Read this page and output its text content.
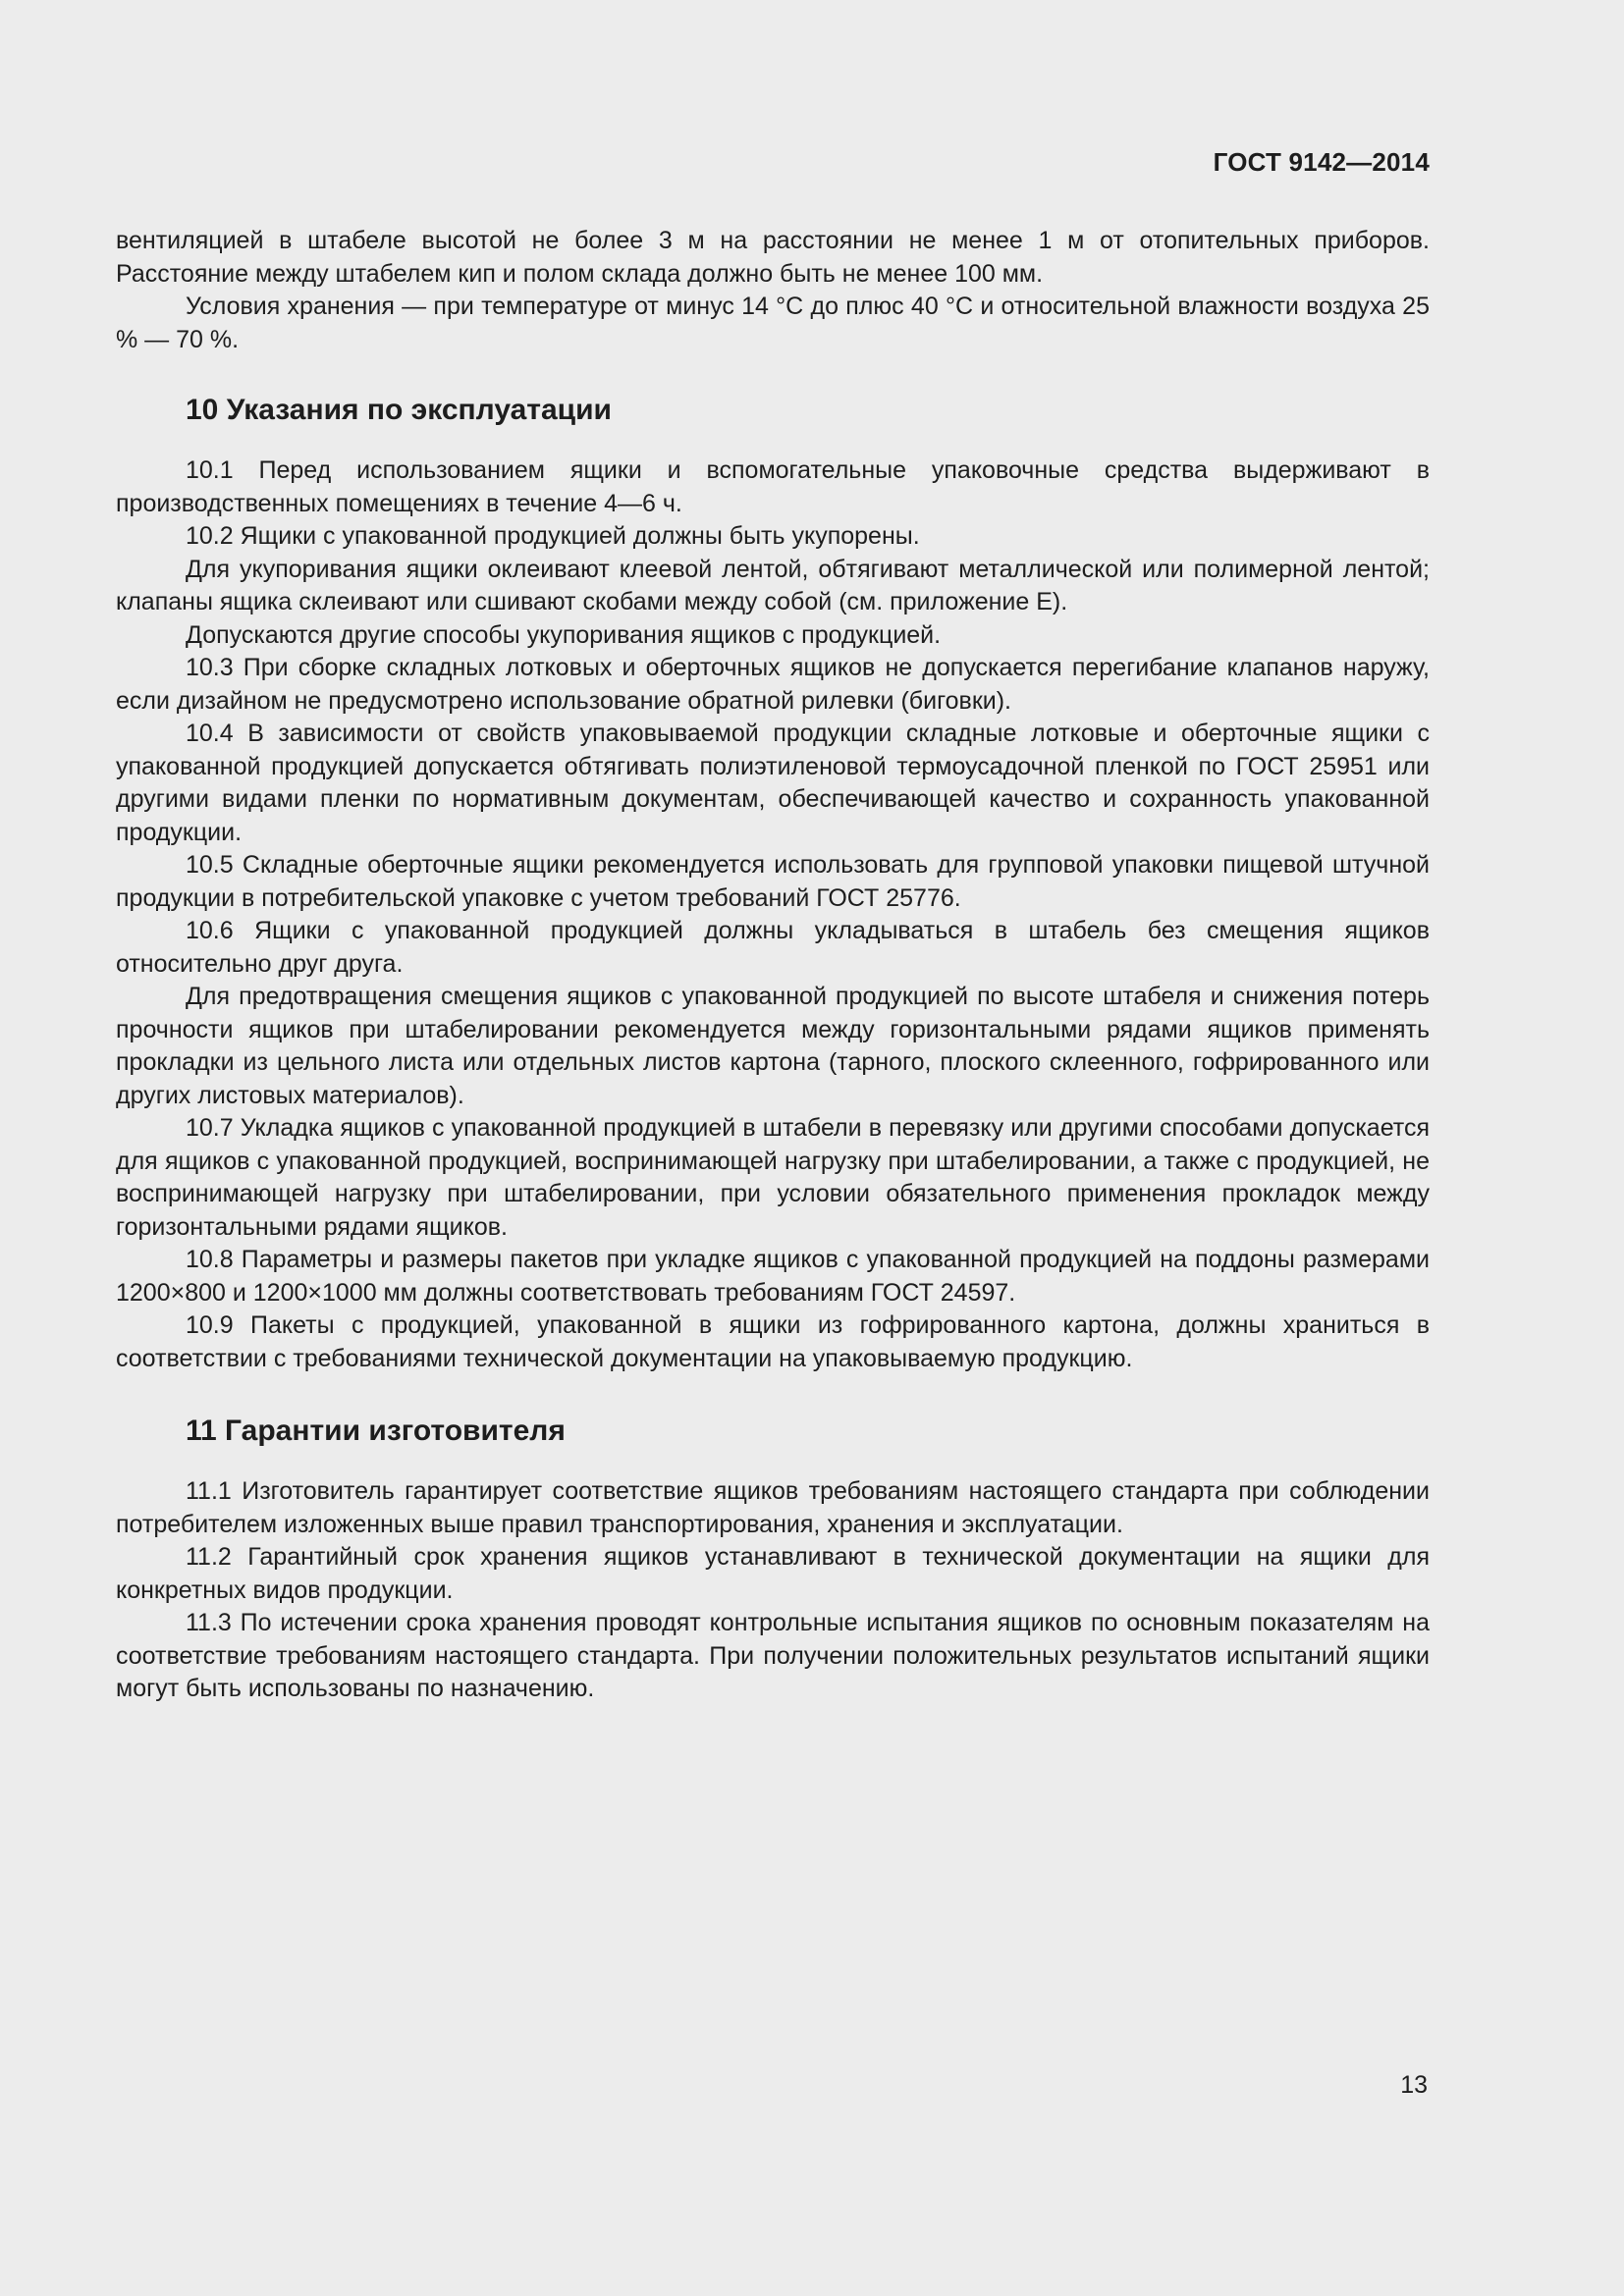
ГОСТ 9142—2014

вентиляцией в штабеле высотой не более 3 м на расстоянии не менее 1 м от отопительных приборов. Расстояние между штабелем кип и полом склада должно быть не менее 100 мм.

Условия хранения — при температуре от минус 14 °С до плюс 40 °С и относительной влажности воздуха 25 % — 70 %.

10 Указания по эксплуатации

10.1 Перед использованием ящики и вспомогательные упаковочные средства выдерживают в производственных помещениях в течение 4—6 ч.

10.2 Ящики с упакованной продукцией должны быть укупорены.

Для укупоривания ящики оклеивают клеевой лентой, обтягивают металлической или полимерной лентой; клапаны ящика склеивают или сшивают скобами между собой (см. приложение Е).

Допускаются другие способы укупоривания ящиков с продукцией.

10.3 При сборке складных лотковых и оберточных ящиков не допускается перегибание клапанов наружу, если дизайном не предусмотрено использование обратной рилевки (биговки).

10.4 В зависимости от свойств упаковываемой продукции складные лотковые и оберточные ящики с упакованной продукцией допускается обтягивать полиэтиленовой термоусадочной пленкой по ГОСТ 25951 или другими видами пленки по нормативным документам, обеспечивающей качество и сохранность упакованной продукции.

10.5 Складные оберточные ящики рекомендуется использовать для групповой упаковки пищевой штучной продукции в потребительской упаковке с учетом требований ГОСТ 25776.

10.6 Ящики с упакованной продукцией должны укладываться в штабель без смещения ящиков относительно друг друга.

Для предотвращения смещения ящиков с упакованной продукцией по высоте штабеля и снижения потерь прочности ящиков при штабелировании рекомендуется между горизонтальными рядами ящиков применять прокладки из цельного листа или отдельных листов картона (тарного, плоского склеенного, гофрированного или других листовых материалов).

10.7 Укладка ящиков с упакованной продукцией в штабели в перевязку или другими способами допускается для ящиков с упакованной продукцией, воспринимающей нагрузку при штабелировании, а также с продукцией, не воспринимающей нагрузку при штабелировании, при условии обязательного применения прокладок между горизонтальными рядами ящиков.

10.8 Параметры и размеры пакетов при укладке ящиков с упакованной продукцией на поддоны размерами 1200×800 и 1200×1000 мм должны соответствовать требованиям ГОСТ 24597.

10.9 Пакеты с продукцией, упакованной в ящики из гофрированного картона, должны храниться в соответствии с требованиями технической документации на упаковываемую продукцию.

11 Гарантии изготовителя

11.1 Изготовитель гарантирует соответствие ящиков требованиям настоящего стандарта при соблюдении потребителем изложенных выше правил транспортирования, хранения и эксплуатации.

11.2 Гарантийный срок хранения ящиков устанавливают в технической документации на ящики для конкретных видов продукции.

11.3 По истечении срока хранения проводят контрольные испытания ящиков по основным показателям на соответствие требованиям настоящего стандарта. При получении положительных результатов испытаний ящики могут быть использованы по назначению.

13
